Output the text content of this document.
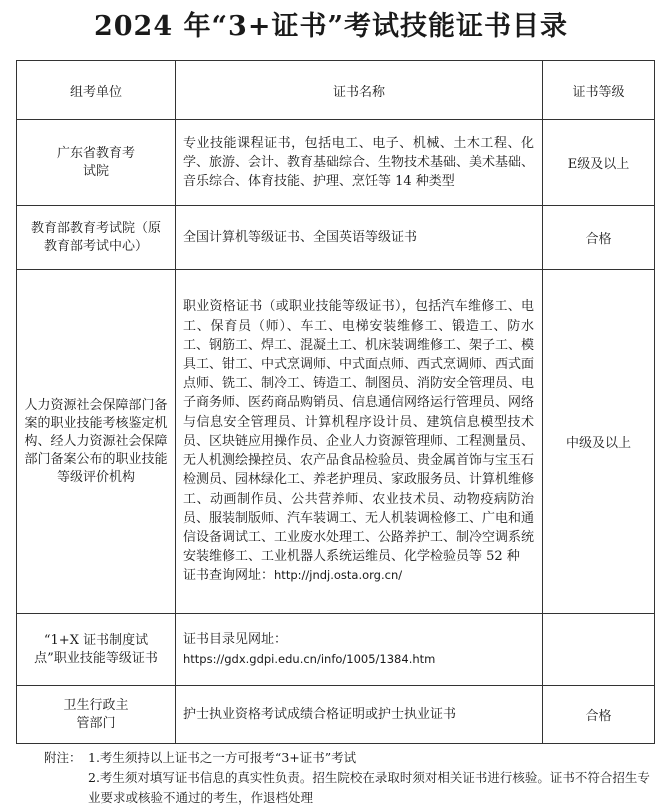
2024 年“3+证书”考试技能证书目录
组考单位	证书名称	证书等级

广东省教育考试院	专业技能课程证书，包括电工、电子、机械、土木工程、化学、旅游、会计、教育基础综合、生物技术基础、美术基础、音乐综合、体育技能、护理、烹饪等 14 种类型	E级及以上

教育部教育考试院（原教育部考试中心）	全国计算机等级证书、全国英语等级证书	合格

人力资源社会保障部门备案的职业技能考核鉴定机构、经人力资源社会保障部门备案公布的职业技能等级评价机构	职业资格证书（或职业技能等级证书），包括汽车维修工、电工、保育员（师）、车工、电梯安装维修工、锻造工、防水工、钢筋工、焊工、混凝土工、机床装调维修工、架子工、模具工、钳工、中式烹调师、中式面点师、西式烹调师、西式面点师、铣工、制冷工、铸造工、制图员、消防安全管理员、电子商务师、医药商品购销员、信息通信网络运行管理员、网络与信息安全管理员、计算机程序设计员、建筑信息模型技术员、区块链应用操作员、企业人力资源管理师、工程测量员、无人机测绘操控员、农产品食品检验员、贵金属首饰与宝玉石检测员、园林绿化工、养老护理员、家政服务员、计算机维修工、动画制作员、公共营养师、农业技术员、动物疫病防治员、服装制版师、汽车装调工、无人机装调检修工、广电和通信设备调试工、工业废水处理工、公路养护工、制冷空调系统安装维修工、工业机器人系统运维员、化学检验员等 52 种
证书查询网址：http://jndj.osta.org.cn/	中级及以上

“1+X 证书制度试点”职业技能等级证书	证书目录见网址：
https://gdx.gdpi.edu.cn/info/1005/1384.htm	

卫生行政主管部门	护士执业资格考试成绩合格证明或护士执业证书	合格
附注： 1.考生须持以上证书之一方可报考“3+证书”考试
2.考生须对填写证书信息的真实性负责。招生院校在录取时须对相关证书进行核验。证书不符合招生专业要求或核验不通过的考生，作退档处理
